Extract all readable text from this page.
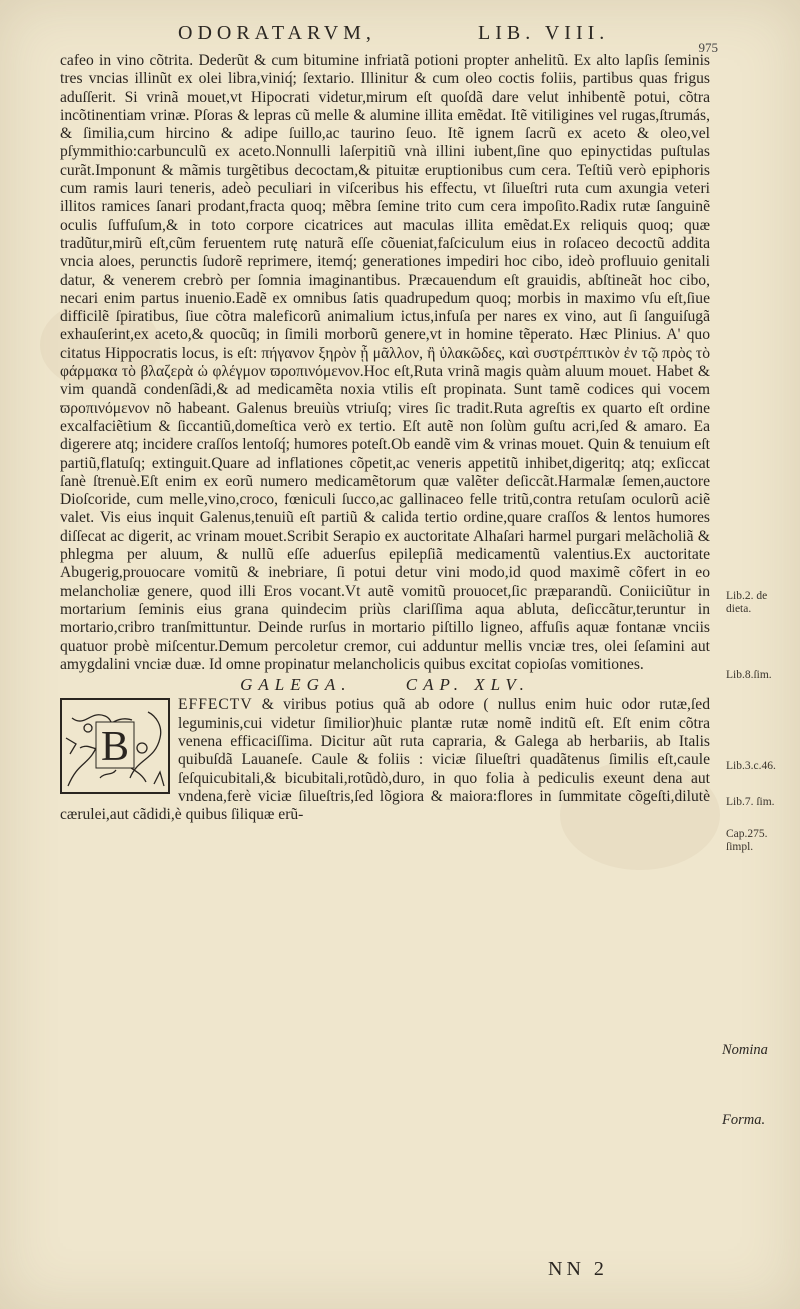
ODORATARVM,	LIB. VIII.
975

cafeo in vino cõtrita. Dederũt & cum bitumine infriatã potioni propter anhelitũ. Ex alto lapſis ſeminis tres vncias illinũt ex olei libra,viniq́; ſextario. Illinitur & cum oleo coctis foliis, partibus quas frigus aduſſerit. Si vrinã mouet,vt Hipocrati videtur,mirum eſt quoſdã dare velut inhibentẽ potui, cõtra incõtinentiam vrinæ. Pſoras & lepras cũ melle & alumine illita emẽdat. Itẽ vitiligines vel rugas,ſtrumás, & ſimilia,cum hircino & adipe ſuillo,ac taurino ſeuo. Itẽ ignem ſacrũ ex aceto & oleo,vel pſymmithio:carbunculũ ex aceto.Nonnulli laſerpitiũ vnà illini iubent,ſine quo epinyctidas puſtulas curãt.Imponunt & mãmis turgẽtibus decoctam,& pituitæ eruptionibus cum cera. Teſtiũ verò epiphoris cum ramis lauri teneris, adeò peculiari in viſceribus his effectu, vt ſilueſtri ruta cum axungia veteri illitos ramices ſanari prodant,fracta quoq; mẽbra ſemine trito cum cera impoſito.Radix rutæ ſanguinẽ oculis ſuffuſum,& in toto corpore cicatrices aut maculas illita emẽdat.Ex reliquis quoq; quæ tradũtur,mirũ eſt,cũm feruentem rutę naturã eſſe cõueniat,faſciculum eius in roſaceo decoctũ addita vncia aloes, perunctis ſudorẽ reprimere, itemq́; generationes impediri hoc cibo, ideò profluuio genitali datur, & venerem crebrò per ſomnia imaginantibus. Præcauendum eſt grauidis, abſtineãt hoc cibo, necari enim partus inuenio.Eadẽ ex omnibus ſatis quadrupedum quoq; morbis in maximo vſu eſt,ſiue difficilẽ ſpiratibus, ſiue cõtra maleficorũ animalium ictus,infuſa per nares ex vino, aut ſi ſanguiſugã exhauſerint,ex aceto,& quocũq; in ſimili morborũ genere,vt in homine tẽperato. Hæc Plinius. A' quo citatus Hippocratis locus, is eſt: πήγανον ξηρὸν ᾖ μᾶλλον, ἢ ὑλακῶδες, καὶ συστρέπτικὸν ἐν τῷ πρὸς τὸ φάρμακα τὸ βλαζερὰ ὡ φλέγμον ϖροπινόμενον.Hoc eſt,Ruta vrinã magis quàm aluum mouet. Habet & vim quandã condenſãdi,& ad medicamẽta noxia vtilis eſt propinata. Sunt tamẽ codices qui vocem ϖροπινόμενον nõ habeant. Galenus breuiùs vtriuſq; vires ſic tradit.Ruta agreſtis ex quarto eſt ordine excalfaciẽtium & ſiccantiũ,domeſtica verò ex tertio. Eſt autẽ non ſolùm guſtu acri,ſed & amaro. Ea digerere atq; incidere craſſos lentoſq́; humores poteſt.Ob eandẽ vim & vrinas mouet. Quin & tenuium eſt partiũ,flatuſq; extinguit.Quare ad inflationes cõpetit,ac veneris appetitũ inhibet,digeritq; atq; exſiccat ſanè ſtrenuè.Eſt enim ex eorũ numero medicamẽtorum quæ valẽter deſiccãt.Harmalæ ſemen,auctore Dioſcoride, cum melle,vino,croco, fœniculi ſucco,ac gallinaceo felle tritũ,contra retuſam oculorũ aciẽ valet. Vis eius inquit Galenus,tenuiũ eſt partiũ & calida tertio ordine,quare craſſos & lentos humores diſſecat ac digerit, ac vrinam mouet.Scribit Serapio ex auctoritate Alhaſari harmel purgari melãcholiã & phlegma per aluum, & nullũ eſſe aduerſus epilepſiã medicamentũ valentius.Ex auctoritate Abugerig,prouocare vomitũ & inebriare, ſi potui detur vini modo,id quod maximẽ cõfert in eo melancholiæ genere, quod illi Eros vocant.Vt autẽ vomitũ prouocet,ſic præparandũ. Coniiciũtur in mortarium ſeminis eius grana quindecim priùs clariſſima aqua abluta, deſiccãtur,teruntur in mortario,cribro tranſmittuntur. Deinde rurſus in mortario piſtillo ligneo, affuſis aquæ fontanæ vnciis quatuor probè miſcentur.Demum percoletur cremor, cui adduntur mellis vnciæ tres, olei ſeſamini aut amygdalini vnciæ duæ. Id omne propinatur melancholicis quibus excitat copioſas vomitiones.

GALEGA.	CAP. XLV.
B

EFFECTV & viribus potius quã ab odore ( nullus enim huic odor rutæ,ſed leguminis,cui videtur ſimilior)huic plantæ rutæ nomẽ inditũ eſt. Eſt enim cõtra venena efficaciſſima. Dicitur aũt ruta capraria, & Galega ab herbariis, ab Italis quibuſdã Lauaneſe. Caule & foliis : viciæ ſilueſtri quadãtenus ſimilis eſt,caule ſeſquicubitali,& bicubitali,rotũdò,duro, in quo folia à pediculis exeunt dena aut vndena,ferè viciæ ſilueſtris,ſed lõgiora & maiora:flores in ſummitate cõgeſti,dilutè cærulei,aut cãdidi,è quibus ſiliquæ erũ-

Lib.2. de dieta.
Lib.8.ſim.
Lib.3.c.46.
Lib.7. ſim.
Cap.275. ſimpl.
Nomina
Forma.
NN 2
